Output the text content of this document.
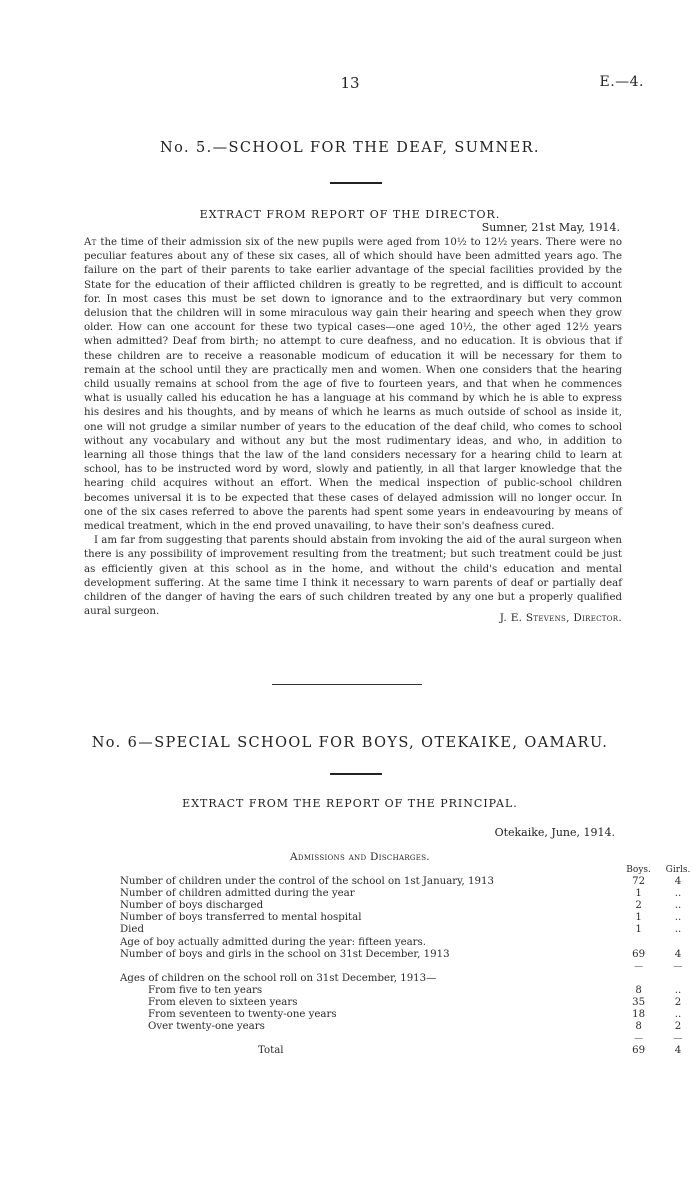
13	E.—4.
No. 5.—SCHOOL FOR THE DEAF, SUMNER.
EXTRACT FROM REPORT OF THE DIRECTOR.
Sumner, 21st May, 1914.

At the time of their admission six of the new pupils were aged from 10½ to 12½ years. There were no peculiar features about any of these six cases, all of which should have been admitted years ago. The failure on the part of their parents to take earlier advantage of the special facilities provided by the State for the education of their afflicted children is greatly to be regretted, and is difficult to account for. In most cases this must be set down to ignorance and to the extraordinary but very common delusion that the children will in some miraculous way gain their hearing and speech when they grow older. How can one account for these two typical cases—one aged 10½, the other aged 12½ years when admitted? Deaf from birth; no attempt to cure deafness, and no education. It is obvious that if these children are to receive a reasonable modicum of education it will be necessary for them to remain at the school until they are practically men and women. When one considers that the hearing child usually remains at school from the age of five to fourteen years, and that when he commences what is usually called his education he has a language at his command by which he is able to express his desires and his thoughts, and by means of which he learns as much outside of school as inside it, one will not grudge a similar number of years to the education of the deaf child, who comes to school without any vocabulary and without any but the most rudimentary ideas, and who, in addition to learning all those things that the law of the land considers necessary for a hearing child to learn at school, has to be instructed word by word, slowly and patiently, in all that larger knowledge that the hearing child acquires without an effort. When the medical inspection of public-school children becomes universal it is to be expected that these cases of delayed admission will no longer occur. In one of the six cases referred to above the parents had spent some years in endeavouring by means of medical treatment, which in the end proved unavailing, to have their son's deafness cured.

I am far from suggesting that parents should abstain from invoking the aid of the aural surgeon when there is any possibility of improvement resulting from the treatment; but such treatment could be just as efficiently given at this school as in the home, and without the child's education and mental development suffering. At the same time I think it necessary to warn parents of deaf or partially deaf children of the danger of having the ears of such children treated by any one but a properly qualified aural surgeon.

J. E. Stevens, Director.
No. 6—SPECIAL SCHOOL FOR BOYS, OTEKAIKE, OAMARU.
EXTRACT FROM THE REPORT OF THE PRINCIPAL.
Otekaike, June, 1914.
Admissions and Discharges.
	Boys.	Girls.
Number of children under the control of the school on 1st January, 1913	72	4
Number of children admitted during the year	1	..
Number of boys discharged	2	..
Number of boys transferred to mental hospital	1	..
Died	1	..
Age of boy actually admitted during the year: fifteen years.		
Number of boys and girls in the school on 31st December, 1913	69	4
	—	—
Ages of children on the school roll on 31st December, 1913—		
From five to ten years	8	..
From eleven to sixteen years	35	2
From seventeen to twenty-one years	18	..
Over twenty-one years	8	2
	—	—
Total	69	4
